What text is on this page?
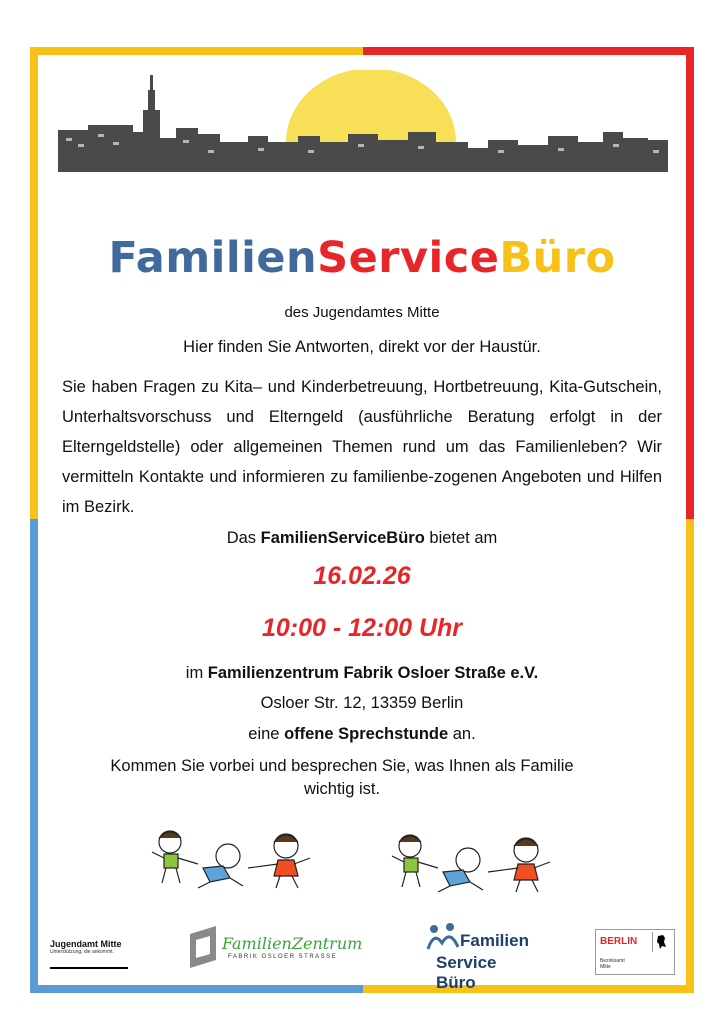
FamilienServiceBüro
des Jugendamtes Mitte
Hier finden Sie Antworten, direkt vor der Haustür.
Sie haben Fragen zu Kita– und Kinderbetreuung, Hortbetreuung, Kita-Gutschein, Unterhaltsvorschuss und Elterngeld (ausführliche Beratung erfolgt in der Elterngeldstelle) oder allgemeinen Themen rund um das Familienleben? Wir vermitteln Kontakte und informieren zu familienbe-zogenen Angeboten und Hilfen im Bezirk.
Das FamilienServiceBüro bietet am
16.02.26
10:00 - 12:00 Uhr
im Familienzentrum Fabrik Osloer Straße e.V.
Osloer Str. 12, 13359 Berlin
eine offene Sprechstunde an.
Kommen Sie vorbei und besprechen Sie, was Ihnen als Familie
wichtig ist.
Jugendamt Mitte
Unterstützung, die ankommt.	FamilienZentrum
FABRIK OSLOER STRASSE
Familien
Service Büro
BERLIN
Bezirksamt
Mitte
